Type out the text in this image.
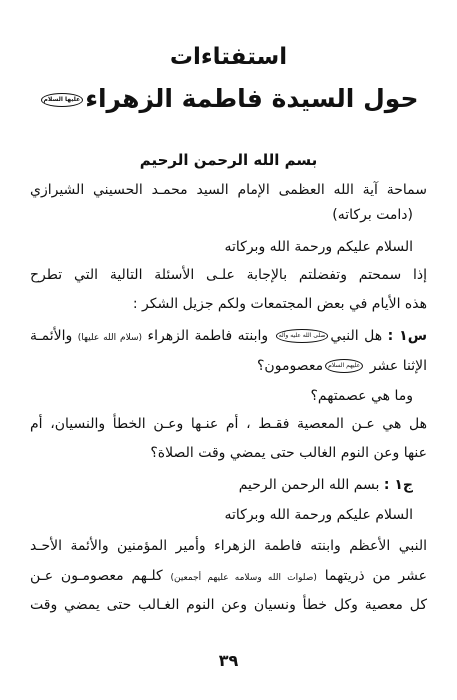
استفتاءات
حول السيدة فاطمة الزهراءعليها السلام

بسم الله الرحمن الرحيم

سماحة آية الله العظمى الإمام السيد محمـد الحسيني الشيرازي

(دامت بركاته)

السلام عليكم ورحمة الله وبركاته

إذا سمحتم وتفضلتم بالإجابة علـى الأسئلة التالية التي تطرح

هذه الأيام في بعض المجتمعات ولكم جزيل الشكر :

س١ : هل النبيصلى الله عليه وآله وابنته فاطمة الزهراء (سلام الله عليها) والأئمـة

الإثنا عشر عليهم السلاممعصومون؟

وما هي عصمتهم؟

هل هي عـن المعصية فقـط ، أم عنـها وعـن الخطأ والنسيان، أم

عنها وعن النوم الغالب حتى يمضي وقت الصلاة؟

ج١ : بسم الله الرحمن الرحيم

السلام عليكم ورحمة الله وبركاته

النبي الأعظم وابنته فاطمة الزهراء وأمير المؤمنين والأئمة الأحـد

عشر من ذريتهما (صلوات الله وسلامه عليهم أجمعين) كلـهم معصومـون عـن

كل معصية وكل خطأ ونسيان وعن النوم الغـالب حتى يمضي وقت

٣٩
